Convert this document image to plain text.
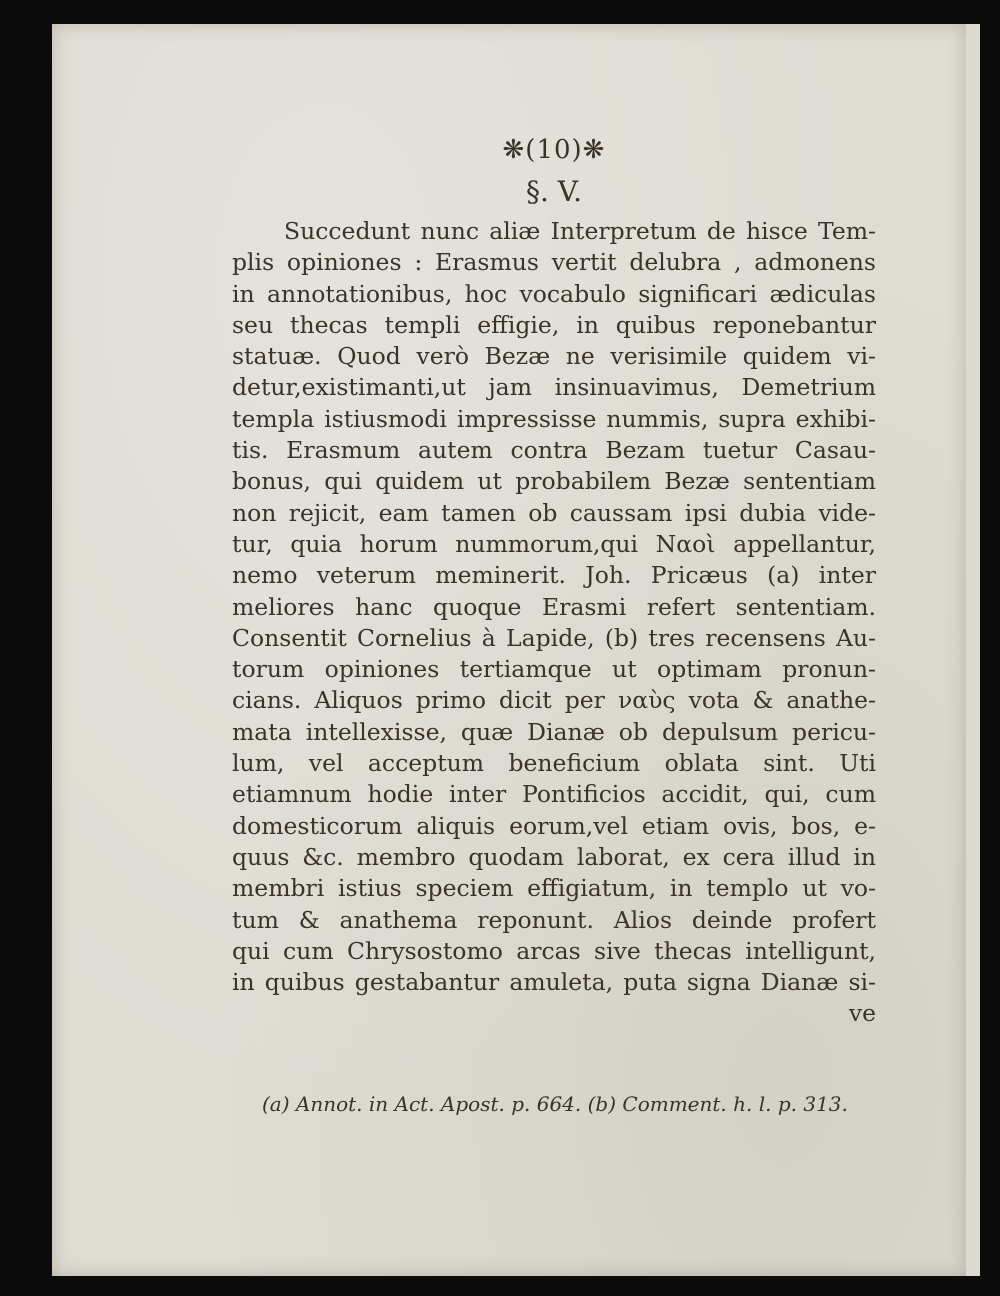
❋(10)❋
§. V.
Succedunt nunc aliæ Interpretum de hisce Tem-
plis opiniones : Erasmus vertit delubra , admonens
in annotationibus, hoc vocabulo significari ædiculas
seu thecas templi effigie, in quibus reponebantur
statuæ. Quod verò Bezæ ne verisimile quidem vi-
detur,existimanti,ut jam insinuavimus, Demetrium
templa istiusmodi impressisse nummis, supra exhibi-
tis. Erasmum autem contra Bezam tuetur Casau-
bonus, qui quidem ut probabilem Bezæ sententiam
non rejicit, eam tamen ob caussam ipsi dubia vide-
tur, quia horum nummorum,qui Ναοὶ appellantur,
nemo veterum meminerit. Joh. Pricæus (a) inter
meliores hanc quoque Erasmi refert sententiam.
Consentit Cornelius à Lapide, (b) tres recensens Au-
torum opiniones tertiamque ut optimam pronun-
cians. Aliquos primo dicit per ναὺς vota & anathe-
mata intellexisse, quæ Dianæ ob depulsum pericu-
lum, vel acceptum beneficium oblata sint. Uti
etiamnum hodie inter Pontificios accidit, qui, cum
domesticorum aliquis eorum,vel etiam ovis, bos, e-
quus &c. membro quodam laborat, ex cera illud in
membri istius speciem effigiatum, in templo ut vo-
tum & anathema reponunt. Alios deinde profert
qui cum Chrysostomo arcas sive thecas intelligunt,
in quibus gestabantur amuleta, puta signa Dianæ si-
ve
(a) Annot. in Act. Apost. p. 664. (b) Comment. h. l. p. 313.
